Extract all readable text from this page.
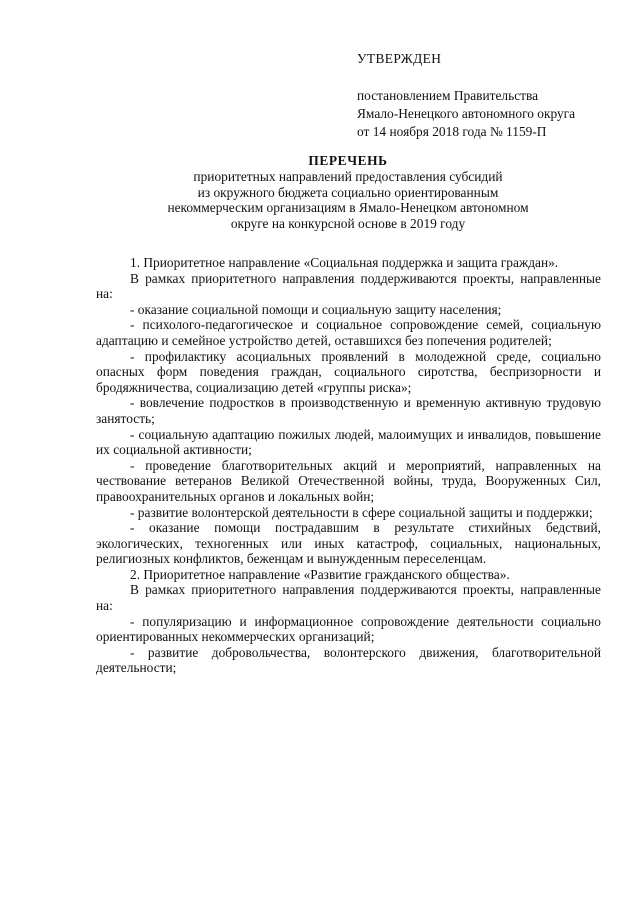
УТВЕРЖДЕН

постановлением Правительства

Ямало-Ненецкого автономного округа

от 14 ноября 2018 года № 1159-П

ПЕРЕЧЕНЬ

приоритетных направлений предоставления субсидий

из окружного бюджета социально ориентированным

некоммерческим организациям в Ямало-Ненецком автономном

округе на конкурсной основе в 2019 году

1. Приоритетное направление «Социальная поддержка и защита граждан».

В рамках приоритетного направления поддерживаются проекты, направленные на:

- оказание социальной помощи и социальную защиту населения;

- психолого-педагогическое и социальное сопровождение семей, социальную адаптацию и семейное устройство детей, оставшихся без попечения родителей;

- профилактику асоциальных проявлений в молодежной среде, социально опасных форм поведения граждан, социального сиротства, беспризорности и бродяжничества, социализацию детей «группы риска»;

- вовлечение подростков в производственную и временную активную трудовую занятость;

- социальную адаптацию пожилых людей, малоимущих и инвалидов, повышение их социальной активности;

- проведение благотворительных акций и мероприятий, направленных на чествование ветеранов Великой Отечественной войны, труда, Вооруженных Сил, правоохранительных органов и локальных войн;

- развитие волонтерской деятельности в сфере социальной защиты и поддержки;

- оказание помощи пострадавшим в результате стихийных бедствий, экологических, техногенных или иных катастроф, социальных, национальных, религиозных конфликтов, беженцам и вынужденным переселенцам.

2. Приоритетное направление «Развитие гражданского общества».

В рамках приоритетного направления поддерживаются проекты, направленные на:

- популяризацию и информационное сопровождение деятельности социально ориентированных некоммерческих организаций;

- развитие добровольчества, волонтерского движения, благотворительной деятельности;
